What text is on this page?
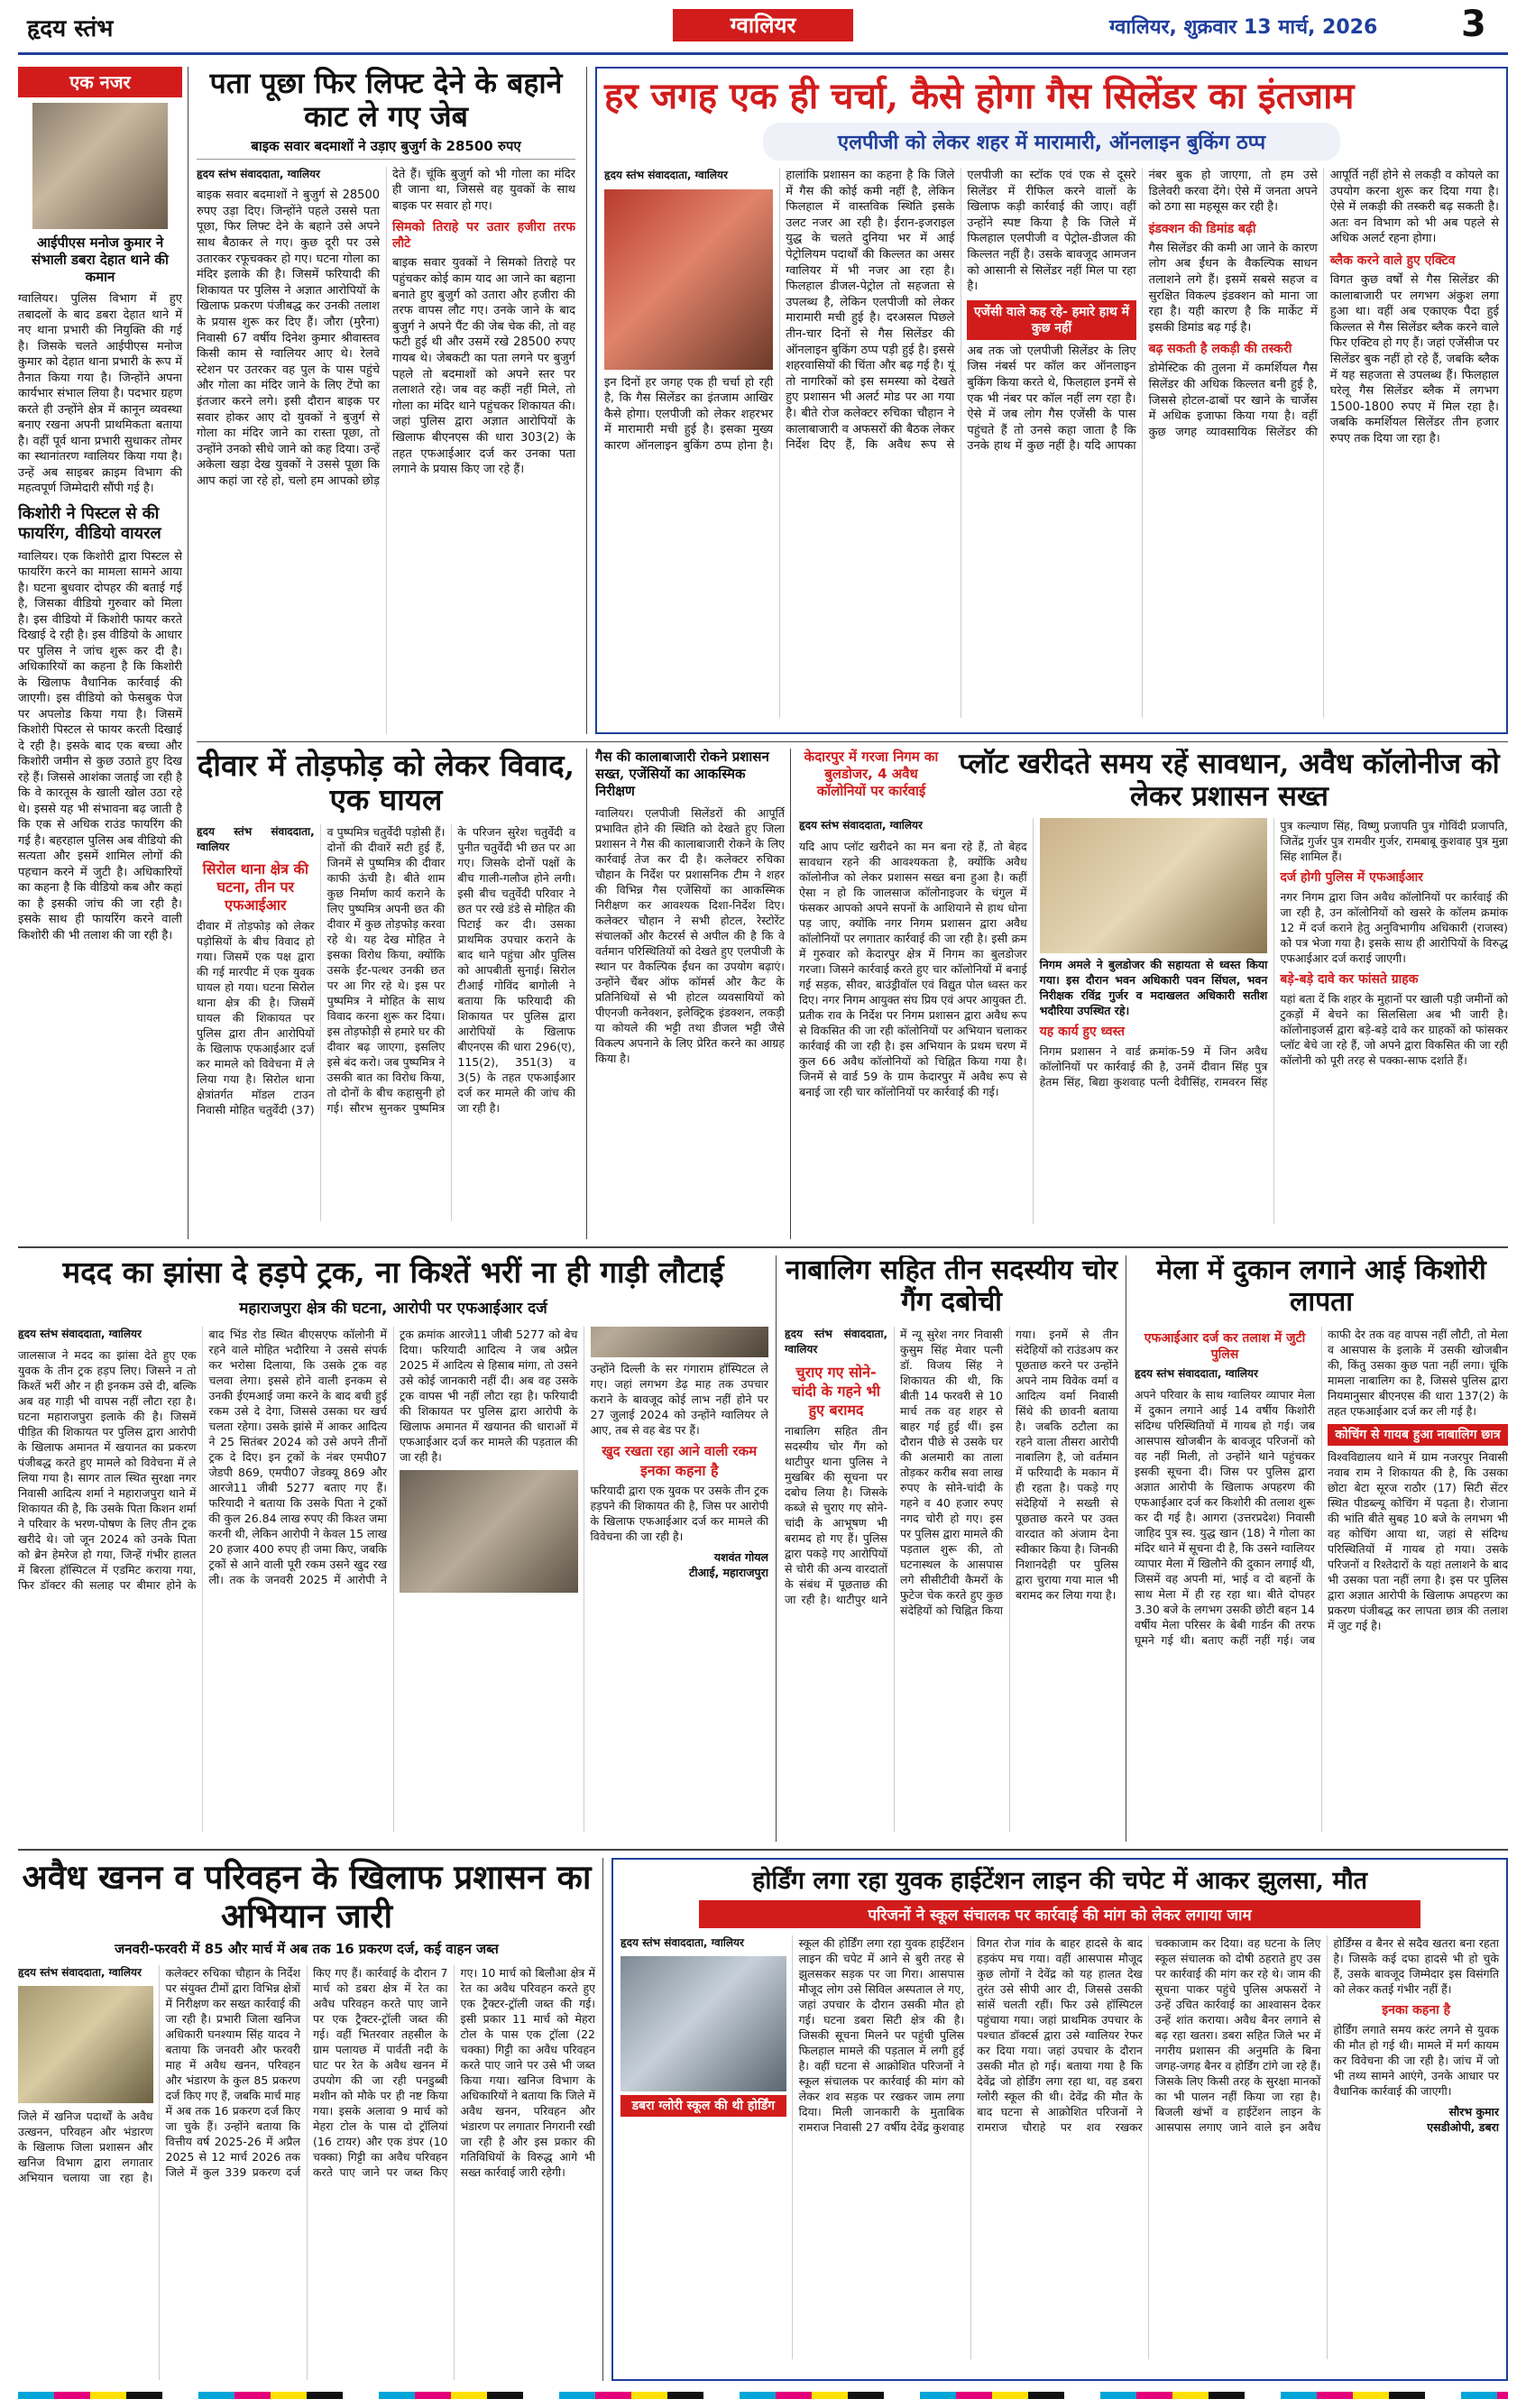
हृदय स्तंभ	ग्वालियर	ग्वालियर, शुक्रवार 13 मार्च, 2026 3
एक नजर
आईपीएस मनोज कुमार ने संभाली डबरा देहात थाने की कमान
ग्वालियर। पुलिस विभाग में हुए तबादलों के बाद डबरा देहात थाने में नए थाना प्रभारी की नियुक्ति की गई है। जिसके चलते आईपीएस मनोज कुमार को देहात थाना प्रभारी के रूप में तैनात किया गया है। जिन्होंने अपना कार्यभार संभाल लिया है। पदभार ग्रहण करते ही उन्होंने क्षेत्र में कानून व्यवस्था बनाए रखना अपनी प्राथमिकता बताया है। वहीं पूर्व थाना प्रभारी सुधाकर तोमर का स्थानांतरण ग्वालियर किया गया है। उन्हें अब साइबर क्राइम विभाग की महत्वपूर्ण जिम्मेदारी सौंपी गई है।
किशोरी ने पिस्टल से की फायरिंग, वीडियो वायरल
ग्वालियर। एक किशोरी द्वारा पिस्टल से फायरिंग करने का मामला सामने आया है। घटना बुधवार दोपहर की बताई गई है, जिसका वीडियो गुरुवार को मिला है। इस वीडियो में किशोरी फायर करते दिखाई दे रही है। इस वीडियो के आधार पर पुलिस ने जांच शुरू कर दी है। अधिकारियों का कहना है कि किशोरी के खिलाफ वैधानिक कार्रवाई की जाएगी। इस वीडियो को फेसबुक पेज पर अपलोड किया गया है। जिसमें किशोरी पिस्टल से फायर करती दिखाई दे रही है। इसके बाद एक बच्चा और किशोरी जमीन से कुछ उठाते हुए दिख रहे हैं। जिससे आशंका जताई जा रही है कि वे कारतूस के खाली खोल उठा रहे थे। इससे यह भी संभावना बढ़ जाती है कि एक से अधिक राउंड फायरिंग की गई है। बहरहाल पुलिस अब वीडियो की सत्यता और इसमें शामिल लोगों की पहचान करने में जुटी है। अधिकारियों का कहना है कि वीडियो कब और कहां का है इसकी जांच की जा रही है। इसके साथ ही फायरिंग करने वाली किशोरी की भी तलाश की जा रही है।
पता पूछा फिर लिफ्ट देने के बहाने काट ले गए जेब
बाइक सवार बदमाशों ने उड़ाए बुजुर्ग के 28500 रुपए
हृदय स्तंभ संवाददाता, ग्वालियर

बाइक सवार बदमाशों ने बुजुर्ग से 28500 रुपए उड़ा दिए। जिन्होंने पहले उससे पता पूछा, फिर लिफ्ट देने के बहाने उसे अपने साथ बैठाकर ले गए। कुछ दूरी पर उसे उतारकर रफूचक्कर हो गए। घटना गोला का मंदिर इलाके की है। जिसमें फरियादी की शिकायत पर पुलिस ने अज्ञात आरोपियों के खिलाफ प्रकरण पंजीबद्ध कर उनकी तलाश के प्रयास शुरू कर दिए हैं। जौरा (मुरैना) निवासी 67 वर्षीय दिनेश कुमार श्रीवास्तव किसी काम से ग्वालियर आए थे। रेलवे स्टेशन पर उतरकर वह पुल के पास पहुंचे और गोला का मंदिर जाने के लिए टेंपो का इंतजार करने लगे। इसी दौरान बाइक पर सवार होकर आए दो युवकों ने बुजुर्ग से गोला का मंदिर जाने का रास्ता पूछा, तो उन्होंने उनको सीधे जाने को कह दिया। उन्हें अकेला खड़ा देख युवकों ने उससे पूछा कि आप कहां जा रहे हो, चलो हम आपको छोड़ देते हैं। चूंकि बुजुर्ग को भी गोला का मंदिर ही जाना था, जिससे वह युवकों के साथ बाइक पर सवार हो गए।

सिमको तिराहे पर उतार हजीरा तरफ लौटे

बाइक सवार युवकों ने सिमको तिराहे पर पहुंचकर कोई काम याद आ जाने का बहाना बनाते हुए बुजुर्ग को उतारा और हजीरा की तरफ वापस लौट गए। उनके जाने के बाद बुजुर्ग ने अपने पैंट की जेब चेक की, तो वह फटी हुई थी और उसमें रखे 28500 रुपए गायब थे। जेबकटी का पता लगने पर बुजुर्ग पहले तो बदमाशों को अपने स्तर पर तलाशते रहे। जब वह कहीं नहीं मिले, तो गोला का मंदिर थाने पहुंचकर शिकायत की। जहां पुलिस द्वारा अज्ञात आरोपियों के खिलाफ बीएनएस की धारा 303(2) के तहत एफआईआर दर्ज कर उनका पता लगाने के प्रयास किए जा रहे हैं।

हर जगह एक ही चर्चा, कैसे होगा गैस सिलेंडर का इंतजाम
एलपीजी को लेकर शहर में मारामारी, ऑनलाइन बुकिंग ठप्प
हृदय स्तंभ संवाददाता, ग्वालियर

इन दिनों हर जगह एक ही चर्चा हो रही है, कि गैस सिलेंडर का इंतजाम आखिर कैसे होगा। एलपीजी को लेकर शहरभर में मारामारी मची हुई है। इसका मुख्य कारण ऑनलाइन बुकिंग ठप्प होना है। हालांकि प्रशासन का कहना है कि जिले में गैस की कोई कमी नहीं है, लेकिन फिलहाल में वास्तविक स्थिति इसके उलट नजर आ रही है। ईरान-इजराइल युद्ध के चलते दुनिया भर में आई पेट्रोलियम पदार्थों की किल्लत का असर ग्वालियर में भी नजर आ रहा है। फिलहाल डीजल-पेट्रोल तो सहजता से उपलब्ध है, लेकिन एलपीजी को लेकर मारामारी मची हुई है। दरअसल पिछले तीन-चार दिनों से गैस सिलेंडर की ऑनलाइन बुकिंग ठप्प पड़ी हुई है। इससे शहरवासियों की चिंता और बढ़ गई है। यूं तो नागरिकों को इस समस्या को देखते हुए प्रशासन भी अलर्ट मोड पर आ गया है। बीते रोज कलेक्टर रुचिका चौहान ने कालाबाजारी व अफसरों की बैठक लेकर निर्देश दिए हैं, कि अवैध रूप से एलपीजी का स्टॉक एवं एक से दूसरे सिलेंडर में रीफिल करने वालों के खिलाफ कड़ी कार्रवाई की जाए। वहीं उन्होंने स्पष्ट किया है कि जिले में फिलहाल एलपीजी व पेट्रोल-डीजल की किल्लत नहीं है। उसके बावजूद आमजन को आसानी से सिलेंडर नहीं मिल पा रहा है।

एजेंसी वाले कह रहे- हमारे हाथ में कुछ नहीं

अब तक जो एलपीजी सिलेंडर के लिए जिस नंबर्स पर कॉल कर ऑनलाइन बुकिंग किया करते थे, फिलहाल इनमें से एक भी नंबर पर कॉल नहीं लग रहा है। ऐसे में जब लोग गैस एजेंसी के पास पहुंचते हैं तो उनसे कहा जाता है कि उनके हाथ में कुछ नहीं है। यदि आपका नंबर बुक हो जाएगा, तो हम उसे डिलेवरी करवा देंगे। ऐसे में जनता अपने को ठगा सा महसूस कर रही है।

इंडक्शन की डिमांड बढ़ी

गैस सिलेंडर की कमी आ जाने के कारण लोग अब ईंधन के वैकल्पिक साधन तलाशने लगे हैं। इसमें सबसे सहज व सुरक्षित विकल्प इंडक्शन को माना जा रहा है। यही कारण है कि मार्केट में इसकी डिमांड बढ़ गई है।

बढ़ सकती है लकड़ी की तस्करी

डोमेस्टिक की तुलना में कमर्शियल गैस सिलेंडर की अधिक किल्लत बनी हुई है, जिससे होटल-ढाबों पर खाने के चार्जेस में अधिक इजाफा किया गया है। वहीं कुछ जगह व्यावसायिक सिलेंडर की आपूर्ति नहीं होने से लकड़ी व कोयले का उपयोग करना शुरू कर दिया गया है। ऐसे में लकड़ी की तस्करी बढ़ सकती है। अतः वन विभाग को भी अब पहले से अधिक अलर्ट रहना होगा।

ब्लैक करने वाले हुए एक्टिव

विगत कुछ वर्षों से गैस सिलेंडर की कालाबाजारी पर लगभग अंकुश लगा हुआ था। वहीं अब एकाएक पैदा हुई किल्लत से गैस सिलेंडर ब्लैक करने वाले फिर एक्टिव हो गए हैं। जहां एजेंसीज पर सिलेंडर बुक नहीं हो रहे हैं, जबकि ब्लैक में यह सहजता से उपलब्ध हैं। फिलहाल घरेलू गैस सिलेंडर ब्लैक में लगभग 1500-1800 रुपए में मिल रहा है। जबकि कमर्शियल सिलेंडर तीन हजार रुपए तक दिया जा रहा है।

दीवार में तोड़फोड़ को लेकर विवाद, एक घायल
हृदय स्तंभ संवाददाता, ग्वालियर
सिरोल थाना क्षेत्र की घटना, तीन पर एफआईआर

दीवार में तोड़फोड़ को लेकर पड़ोसियों के बीच विवाद हो गया। जिसमें एक पक्ष द्वारा की गई मारपीट में एक युवक घायल हो गया। घटना सिरोल थाना क्षेत्र की है। जिसमें घायल की शिकायत पर पुलिस द्वारा तीन आरोपियों के खिलाफ एफआईआर दर्ज कर मामले को विवेचना में ले लिया गया है। सिरोल थाना क्षेत्रांतर्गत मॉडल टाउन निवासी मोहित चतुर्वेदी (37) व पुष्पमित्र चतुर्वेदी पड़ोसी हैं। दोनों की दीवारें सटी हुई हैं, जिनमें से पुष्पमित्र की दीवार काफी ऊंची है। बीते शाम कुछ निर्माण कार्य कराने के लिए पुष्पमित्र अपनी छत की दीवार में कुछ तोड़फोड़ करवा रहे थे। यह देख मोहित ने इसका विरोध किया, क्योंकि उसके ईंट-पत्थर उनकी छत पर आ गिर रहे थे। इस पर पुष्पमित्र ने मोहित के साथ विवाद करना शुरू कर दिया। इस तोड़फोड़ी से हमारे घर की दीवार बढ़ जाएगा, इसलिए इसे बंद करो। जब पुष्पमित्र ने उसकी बात का विरोध किया, तो दोनों के बीच कहासुनी हो गई। सौरभ सुनकर पुष्पमित्र के परिजन सुरेश चतुर्वेदी व पुनीत चतुर्वेदी भी छत पर आ गए। जिसके दोनों पक्षों के बीच गाली-गलौज होने लगी। इसी बीच चतुर्वेदी परिवार ने छत पर रखे डंडे से मोहित की पिटाई कर दी। उसका प्राथमिक उपचार कराने के बाद थाने पहुंचा और पुलिस को आपबीती सुनाई। सिरोल टीआई गोविंद बागोली ने बताया कि फरियादी की शिकायत पर पुलिस द्वारा आरोपियों के खिलाफ बीएनएस की धारा 296(ए), 115(2), 351(3) व 3(5) के तहत एफआईआर दर्ज कर मामले की जांच की जा रही है।

गैस की कालाबाजारी रोकने प्रशासन सख्त, एजेंसियों का आकस्मिक निरीक्षण
ग्वालियर। एलपीजी सिलेंडरों की आपूर्ति प्रभावित होने की स्थिति को देखते हुए जिला प्रशासन ने गैस की कालाबाजारी रोकने के लिए कार्रवाई तेज कर दी है। कलेक्टर रुचिका चौहान के निर्देश पर प्रशासनिक टीम ने शहर की विभिन्न गैस एजेंसियों का आकस्मिक निरीक्षण कर आवश्यक दिशा-निर्देश दिए। कलेक्टर चौहान ने सभी होटल, रेस्टोरेंट संचालकों और कैटरर्स से अपील की है कि वे वर्तमान परिस्थितियों को देखते हुए एलपीजी के स्थान पर वैकल्पिक ईंधन का उपयोग बढ़ाएं। उन्होंने चैंबर ऑफ कॉमर्स और कैट के प्रतिनिधियों से भी होटल व्यवसायियों को पीएनजी कनेक्शन, इलेक्ट्रिक इंडक्शन, लकड़ी या कोयले की भट्टी तथा डीजल भट्टी जैसे विकल्प अपनाने के लिए प्रेरित करने का आग्रह किया है।
केदारपुर में गरजा निगम का बुलडोजर, 4 अवैध कॉलोनियों पर कार्रवाई
प्लॉट खरीदते समय रहें सावधान, अवैध कॉलोनीज को लेकर प्रशासन सख्त
हृदय स्तंभ संवाददाता, ग्वालियर

यदि आप प्लॉट खरीदने का मन बना रहे हैं, तो बेहद सावधान रहने की आवश्यकता है, क्योंकि अवैध कॉलोनीज को लेकर प्रशासन सख्त बना हुआ है। कहीं ऐसा न हो कि जालसाज कॉलोनाइजर के चंगुल में फंसकर आपको अपने सपनों के आशियाने से हाथ धोना पड़ जाए, क्योंकि नगर निगम प्रशासन द्वारा अवैध कॉलोनियों पर लगातार कार्रवाई की जा रही है। इसी क्रम में गुरुवार को केदारपुर क्षेत्र में निगम का बुलडोजर गरजा। जिसने कार्रवाई करते हुए चार कॉलोनियों में बनाई गई सड़क, सीवर, बाउंड्रीवॉल एवं विद्युत पोल ध्वस्त कर दिए। नगर निगम आयुक्त संघ प्रिय एवं अपर आयुक्त टी. प्रतीक राव के निर्देश पर निगम प्रशासन द्वारा अवैध रूप से विकसित की जा रही कॉलोनियों पर अभियान चलाकर कार्रवाई की जा रही है। इस अभियान के प्रथम चरण में कुल 66 अवैध कॉलोनियों को चिह्नित किया गया है। जिनमें से वार्ड 59 के ग्राम केदारपुर में अवैध रूप से बनाई जा रही चार कॉलोनियों पर कार्रवाई की गई।

निगम अमले ने बुलडोजर की सहायता से ध्वस्त किया गया। इस दौरान भवन अधिकारी पवन सिंघल, भवन निरीक्षक रविंद्र गुर्जर व मदाखलत अधिकारी सतीश भदौरिया उपस्थित रहे।

यह कार्य हुए ध्वस्त

निगम प्रशासन ने वार्ड क्रमांक-59 में जिन अवैध कॉलोनियों पर कार्रवाई की है, उनमें दीवान सिंह पुत्र हेतम सिंह, बिद्या कुशवाह पत्नी देवीसिंह, रामवरन सिंह पुत्र कल्याण सिंह, विष्णु प्रजापति पुत्र गोविंदी प्रजापति, जितेंद्र गुर्जर पुत्र रामवीर गुर्जर, रामबाबू कुशवाह पुत्र मुन्ना सिंह शामिल हैं।

दर्ज होगी पुलिस में एफआईआर

नगर निगम द्वारा जिन अवैध कॉलोनियों पर कार्रवाई की जा रही है, उन कॉलोनियों को खसरे के कॉलम क्रमांक 12 में दर्ज कराने हेतु अनुविभागीय अधिकारी (राजस्व) को पत्र भेजा गया है। इसके साथ ही आरोपियों के विरुद्ध एफआईआर दर्ज कराई जाएगी।

बड़े-बड़े दावे कर फांसते ग्राहक

यहां बता दें कि शहर के मुहानों पर खाली पड़ी जमीनों को टुकड़ों में बेचने का सिलसिला अब भी जारी है। कॉलोनाइजर्स द्वारा बड़े-बड़े दावे कर ग्राहकों को फांसकर प्लॉट बेचे जा रहे हैं, जो अपने द्वारा विकसित की जा रही कॉलोनी को पूरी तरह से पक्का-साफ दर्शाते हैं।

मदद का झांसा दे हड़पे ट्रक, ना किश्तें भरीं ना ही गाड़ी लौटाई
महाराजपुरा क्षेत्र की घटना, आरोपी पर एफआईआर दर्ज
हृदय स्तंभ संवाददाता, ग्वालियर

जालसाज ने मदद का झांसा देते हुए एक युवक के तीन ट्रक हड़प लिए। जिसने न तो किश्तें भरीं और न ही इनकम उसे दी, बल्कि अब वह गाड़ी भी वापस नहीं लौटा रहा है। घटना महाराजपुरा इलाके की है। जिसमें पीड़ित की शिकायत पर पुलिस द्वारा आरोपी के खिलाफ अमानत में खयानत का प्रकरण पंजीबद्ध करते हुए मामले को विवेचना में ले लिया गया है। सागर ताल स्थित सुरक्षा नगर निवासी आदित्य शर्मा ने महाराजपुरा थाने में शिकायत की है, कि उसके पिता किशन शर्मा ने परिवार के भरण-पोषण के लिए तीन ट्रक खरीदे थे। जो जून 2024 को उनके पिता को ब्रेन हेमरेज हो गया, जिन्हें गंभीर हालत में बिरला हॉस्पिटल में एडमिट कराया गया, फिर डॉक्टर की सलाह पर बीमार होने के बाद भिंड रोड स्थित बीएसएफ कॉलोनी में रहने वाले मोहित भदौरिया ने उससे संपर्क कर भरोसा दिलाया, कि उसके ट्रक वह चलवा लेगा। इससे होने वाली इनकम से उनकी ईएमआई जमा करने के बाद बची हुई रकम उसे दे देगा, जिससे उसका घर खर्च चलता रहेगा। उसके झांसे में आकर आदित्य ने 25 सितंबर 2024 को उसे अपने तीनों ट्रक दे दिए। इन ट्रकों के नंबर एमपी07 जेडपी 869, एमपी07 जेडक्यू 869 और आरजे11 जीबी 5277 बताए गए हैं। फरियादी ने बताया कि उसके पिता ने ट्रकों की कुल 26.84 लाख रुपए की किश्त जमा करनी थी, लेकिन आरोपी ने केवल 15 लाख 20 हजार 400 रुपए ही जमा किए, जबकि ट्रकों से आने वाली पूरी रकम उसने खुद रख ली। तक के जनवरी 2025 में आरोपी ने ट्रक क्रमांक आरजे11 जीबी 5277 को बेच दिया। फरियादी आदित्य ने जब अप्रैल 2025 में आदित्य से हिसाब मांगा, तो उसने उसे कोई जानकारी नहीं दी। अब वह उसके ट्रक वापस भी नहीं लौटा रहा है। फरियादी की शिकायत पर पुलिस द्वारा आरोपी के खिलाफ अमानत में खयानत की धाराओं में एफआईआर दर्ज कर मामले की पड़ताल की जा रही है।

उन्होंने दिल्ली के सर गंगाराम हॉस्पिटल ले गए। जहां लगभग डेढ़ माह तक उपचार कराने के बावजूद कोई लाभ नहीं होने पर 27 जुलाई 2024 को उन्होंने ग्वालियर ले आए, तब से वह बेड पर हैं।

खुद रखता रहा आने वाली रकम
इनका कहना है

फरियादी द्वारा एक युवक पर उसके तीन ट्रक हड़पने की शिकायत की है, जिस पर आरोपी के खिलाफ एफआईआर दर्ज कर मामले की विवेचना की जा रही है।

यशवंत गोयल

टीआई, महाराजपुरा

नाबालिग सहित तीन सदस्यीय चोर गैंग दबोची
हृदय स्तंभ संवाददाता, ग्वालियर
चुराए गए सोने-चांदी के गहने भी हुए बरामद

नाबालिग सहित तीन सदस्यीय चोर गैंग को थाटीपुर थाना पुलिस ने मुखबिर की सूचना पर दबोच लिया है। जिसके कब्जे से चुराए गए सोने-चांदी के आभूषण भी बरामद हो गए हैं। पुलिस द्वारा पकड़े गए आरोपियों से चोरी की अन्य वारदातों के संबंध में पूछताछ की जा रही है। थाटीपुर थाने में न्यू सुरेश नगर निवासी कुसुम सिंह मेवार पत्नी डॉ. विजय सिंह ने शिकायत की थी, कि बीती 14 फरवरी से 10 मार्च तक वह शहर से बाहर गई हुई थीं। इस दौरान पीछे से उसके घर की अलमारी का ताला तोड़कर करीब सवा लाख रुपए के सोने-चांदी के गहने व 40 हजार रुपए नगद चोरी हो गए। इस पर पुलिस द्वारा मामले की पड़ताल शुरू की, तो घटनास्थल के आसपास लगे सीसीटीवी कैमरों के फुटेज चेक करते हुए कुछ संदेहियों को चिह्नित किया गया। इनमें से तीन संदेहियों को राउंडअप कर पूछताछ करने पर उन्होंने अपने नाम विवेक वर्मा व आदित्य वर्मा निवासी सिंधे की छावनी बताया है। जबकि ठटौला का रहने वाला तीसरा आरोपी नाबालिग है, जो वर्तमान में फरियादी के मकान में ही रहता है। पकड़े गए संदेहियों ने सख्ती से पूछताछ करने पर उक्त वारदात को अंजाम देना स्वीकार किया है। जिनकी निशानदेही पर पुलिस द्वारा चुराया गया माल भी बरामद कर लिया गया है।

मेला में दुकान लगाने आई किशोरी लापता
एफआईआर दर्ज कर तलाश में जुटी पुलिस
हृदय स्तंभ संवाददाता, ग्वालियर

अपने परिवार के साथ ग्वालियर व्यापार मेला में दुकान लगाने आई 14 वर्षीय किशोरी संदिग्ध परिस्थितियों में गायब हो गई। जब आसपास खोजबीन के बावजूद परिजनों को वह नहीं मिली, तो उन्होंने थाने पहुंचकर इसकी सूचना दी। जिस पर पुलिस द्वारा अज्ञात आरोपी के खिलाफ अपहरण की एफआईआर दर्ज कर किशोरी की तलाश शुरू कर दी गई है। आगरा (उत्तरप्रदेश) निवासी जाहिद पुत्र स्व. युद्ध खान (18) ने गोला का मंदिर थाने में सूचना दी है, कि उसने ग्वालियर व्यापार मेला में खिलौने की दुकान लगाई थी, जिसमें वह अपनी मां, भाई व दो बहनों के साथ मेला में ही रह रहा था। बीते दोपहर 3.30 बजे के लगभग उसकी छोटी बहन 14 वर्षीय मेला परिसर के बेबी गार्डन की तरफ घूमने गई थी। बताए कहीं नहीं गई। जब काफी देर तक वह वापस नहीं लौटी, तो मेला व आसपास के इलाके में उसकी खोजबीन की, किंतु उसका कुछ पता नहीं लगा। चूंकि मामला नाबालिग का है, जिससे पुलिस द्वारा नियमानुसार बीएनएस की धारा 137(2) के तहत एफआईआर दर्ज कर ली गई है।

कोचिंग से गायब हुआ नाबालिग छात्र

विश्वविद्यालय थाने में ग्राम नजरपुर निवासी नवाब राम ने शिकायत की है, कि उसका छोटा बेटा सूरज राठौर (17) सिटी सेंटर स्थित पीडब्ल्यू कोचिंग में पढ़ता है। रोजाना की भांति बीते सुबह 10 बजे के लगभग भी वह कोचिंग आया था, जहां से संदिग्ध परिस्थितियों में गायब हो गया। उसके परिजनों व रिश्तेदारों के यहां तलाशने के बाद भी उसका पता नहीं लगा है। इस पर पुलिस द्वारा अज्ञात आरोपी के खिलाफ अपहरण का प्रकरण पंजीबद्ध कर लापता छात्र की तलाश में जुट गई है।

अवैध खनन व परिवहन के खिलाफ प्रशासन का अभियान जारी
जनवरी-फरवरी में 85 और मार्च में अब तक 16 प्रकरण दर्ज, कई वाहन जब्त
हृदय स्तंभ संवाददाता, ग्वालियर

जिले में खनिज पदार्थों के अवैध उत्खनन, परिवहन और भंडारण के खिलाफ जिला प्रशासन और खनिज विभाग द्वारा लगातार अभियान चलाया जा रहा है। कलेक्टर रुचिका चौहान के निर्देश पर संयुक्त टीमों द्वारा विभिन्न क्षेत्रों में निरीक्षण कर सख्त कार्रवाई की जा रही है। प्रभारी जिला खनिज अधिकारी घनश्याम सिंह यादव ने बताया कि जनवरी और फरवरी माह में अवैध खनन, परिवहन और भंडारण के कुल 85 प्रकरण दर्ज किए गए हैं, जबकि मार्च माह में अब तक 16 प्रकरण दर्ज किए जा चुके हैं। उन्होंने बताया कि वित्तीय वर्ष 2025-26 में अप्रैल 2025 से 12 मार्च 2026 तक जिले में कुल 339 प्रकरण दर्ज किए गए हैं। कार्रवाई के दौरान 7 मार्च को डबरा क्षेत्र में रेत का अवैध परिवहन करते पाए जाने पर एक ट्रैक्टर-ट्रॉली जब्त की गई। वहीं भितरवार तहसील के ग्राम पलायछ में पार्वती नदी के घाट पर रेत के अवैध खनन में उपयोग की जा रही पनडुब्बी मशीन को मौके पर ही नष्ट किया गया। इसके अलावा 9 मार्च को मेहरा टोल के पास दो ट्रॉलियां (16 टायर) और एक डंपर (10 चक्का) गिट्टी का अवैध परिवहन करते पाए जाने पर जब्त किए गए। 10 मार्च को बिलौआ क्षेत्र में रेत का अवैध परिवहन करते हुए एक ट्रैक्टर-ट्रॉली जब्त की गई। इसी प्रकार 11 मार्च को मेहरा टोल के पास एक ट्रॉला (22 चक्का) गिट्टी का अवैध परिवहन करते पाए जाने पर उसे भी जब्त किया गया। खनिज विभाग के अधिकारियों ने बताया कि जिले में अवैध खनन, परिवहन और भंडारण पर लगातार निगरानी रखी जा रही है और इस प्रकार की गतिविधियों के विरुद्ध आगे भी सख्त कार्रवाई जारी रहेगी।

होर्डिंग लगा रहा युवक हाईटेंशन लाइन की चपेट में आकर झुलसा, मौत
परिजनों ने स्कूल संचालक पर कार्रवाई की मांग को लेकर लगाया जाम
हृदय स्तंभ संवाददाता, ग्वालियर
डबरा ग्लोरी स्कूल की थी होर्डिंग

स्कूल की होर्डिंग लगा रहा युवक हाईटेंशन लाइन की चपेट में आने से बुरी तरह से झुलसकर सड़क पर जा गिरा। आसपास मौजूद लोग उसे सिविल अस्पताल ले गए, जहां उपचार के दौरान उसकी मौत हो गई। घटना डबरा सिटी क्षेत्र की है। जिसकी सूचना मिलने पर पहुंची पुलिस फिलहाल मामले की पड़ताल में लगी हुई है। वहीं घटना से आक्रोशित परिजनों ने स्कूल संचालक पर कार्रवाई की मांग को लेकर शव सड़क पर रखकर जाम लगा दिया। मिली जानकारी के मुताबिक रामराज निवासी 27 वर्षीय देवेंद्र कुशवाह विगत रोज गांव के बाहर हादसे के बाद हड़कंप मच गया। वहीं आसपास मौजूद कुछ लोगों ने देवेंद्र को यह हालत देख तुरंत उसे सीपी आर दी, जिससे उसकी सांसें चलती रहीं। फिर उसे हॉस्पिटल पहुंचाया गया। जहां प्राथमिक उपचार के पश्चात डॉक्टर्स द्वारा उसे ग्वालियर रेफर कर दिया गया। जहां उपचार के दौरान उसकी मौत हो गई। बताया गया है कि देवेंद्र जो होर्डिंग लगा रहा था, वह डबरा ग्लोरी स्कूल की थी। देवेंद्र की मौत के बाद घटना से आक्रोशित परिजनों ने रामराज चौराहे पर शव रखकर चक्काजाम कर दिया। वह घटना के लिए स्कूल संचालक को दोषी ठहराते हुए उस पर कार्रवाई की मांग कर रहे थे। जाम की सूचना पाकर पहुंचे पुलिस अफसरों ने उन्हें उचित कार्रवाई का आश्वासन देकर उन्हें शांत कराया। अवैध बैनर लगाने से बढ़ रहा खतरा। डबरा सहित जिले भर में नगरीय प्रशासन की अनुमति के बिना जगह-जगह बैनर व होर्डिंग टांगे जा रहे हैं। जिसके लिए किसी तरह के सुरक्षा मानकों का भी पालन नहीं किया जा रहा है। बिजली खंभों व हाईटेंशन लाइन के आसपास लगाए जाने वाले इन अवैध होर्डिंग्स व बैनर से सदैव खतरा बना रहता है। जिसके कई दफा हादसे भी हो चुके हैं, उसके बावजूद जिम्मेदार इस विसंगति को लेकर कतई गंभीर नहीं हैं।

इनका कहना है

होर्डिंग लगाते समय करंट लगने से युवक की मौत हो गई थी। मामले में मर्ग कायम कर विवेचना की जा रही है। जांच में जो भी तथ्य सामने आएंगे, उनके आधार पर वैधानिक कार्रवाई की जाएगी।

सौरभ कुमार

एसडीओपी, डबरा
